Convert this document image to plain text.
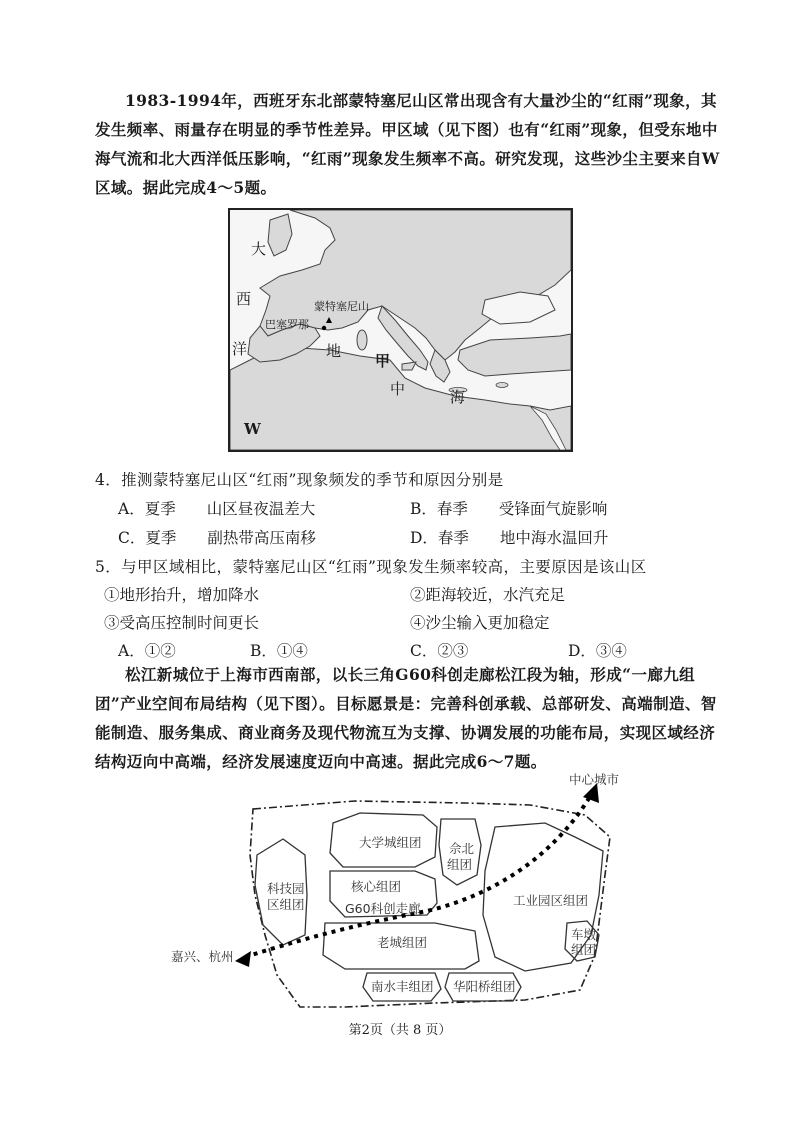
1983-1994年，西班牙东北部蒙特塞尼山区常出现含有大量沙尘的“红雨”现象，其发生频率、雨量存在明显的季节性差异。甲区域（见下图）也有“红雨”现象，但受东地中海气流和北大西洋低压影响，“红雨”现象发生频率不高。研究发现，这些沙尘主要来自W区域。据此完成4～5题。
大
西
洋
蒙特塞尼山
巴塞罗那
地
甲
中	海
W
4．推测蒙特塞尼山区“红雨”现象频发的季节和原因分别是
A．夏季　　山区昼夜温差大	B．春季　　受锋面气旋影响
C．夏季　　副热带高压南移	D．春季　　地中海水温回升
5．与甲区域相比，蒙特塞尼山区“红雨”现象发生频率较高，主要原因是该山区
①地形抬升，增加降水	②距海较近，水汽充足
③受高压控制时间更长	④沙尘输入更加稳定
A．①②	B．①④	C．②③	D．③④
松江新城位于上海市西南部，以长三角G60科创走廊松江段为轴，形成“一廊九组团”产业空间布局结构（见下图）。目标愿景是：完善科创承载、总部研发、高端制造、智能制造、服务集成、商业商务及现代物流互为支撑、协调发展的功能布局，实现区域经济结构迈向中高端，经济发展速度迈向中高速。据此完成6～7题。
中心城市
嘉兴、杭州
大学城组团 佘北
组团
科技园
区组团
核心组团
G60科创走廊
工业园区组团
车墩
组团
老城组团
南水丰组团 华阳桥组团
第2页（共 8 页）
